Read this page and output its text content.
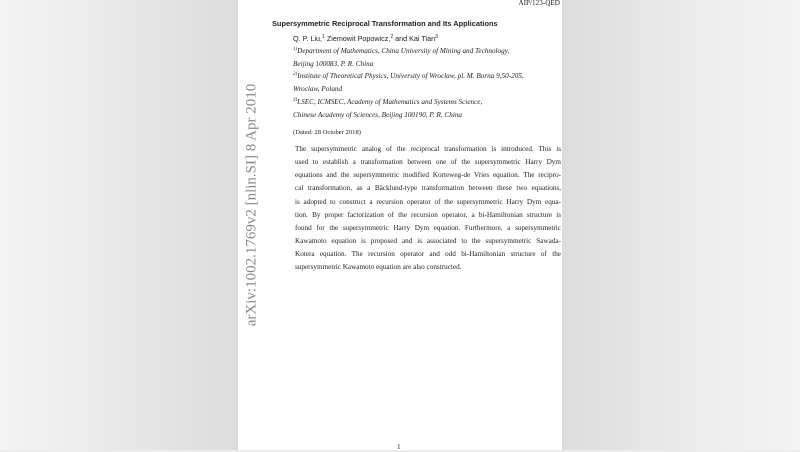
AIP/123-QED
Supersymmetric Reciprocal Transformation and Its Applications
Q. P. Liu,$^1$ Ziemowit Popowicz,$^2$ and Kai Tian$^3$
$^{1)}$Department of Mathematics, China University of Mining and Technology,
Beijing 100083, P. R. China
$^{2)}$Institute of Theoretical Physics, University of Wroclaw, pl. M. Borna 9,50-205,
Wroclaw, Poland
$^{3)}$LSEC, ICMSEC, Academy of Mathematics and Systems Science,
Chinese Academy of Sciences, Beijing 100190, P. R. China
(Dated: 28 October 2018)
The supersymmetric analog of the reciprocal transformation is introduced. This is
used to establish a transformation between one of the supersymmetric Harry Dym
equations and the supersymmetric modified Korteweg-de Vries equation. The recipro-
cal transformation, as a Bäcklund-type transformation between these two equations,
is adopted to construct a recursion operator of the supersymmetric Harry Dym equa-
tion. By proper factorization of the recursion operator, a bi-Hamiltonian structure is
found for the supersymmetric Harry Dym equation. Furthermore, a supersymmetric
Kawamoto equation is proposed and is associated to the supersymmetric Sawada-
Kotera equation. The recursion operator and odd bi-Hamiltonian structure of the
supersymmetric Kawamoto equation are also constructed.
1
arXiv:1002.1769v2 [nlin.SI] 8 Apr 2010
